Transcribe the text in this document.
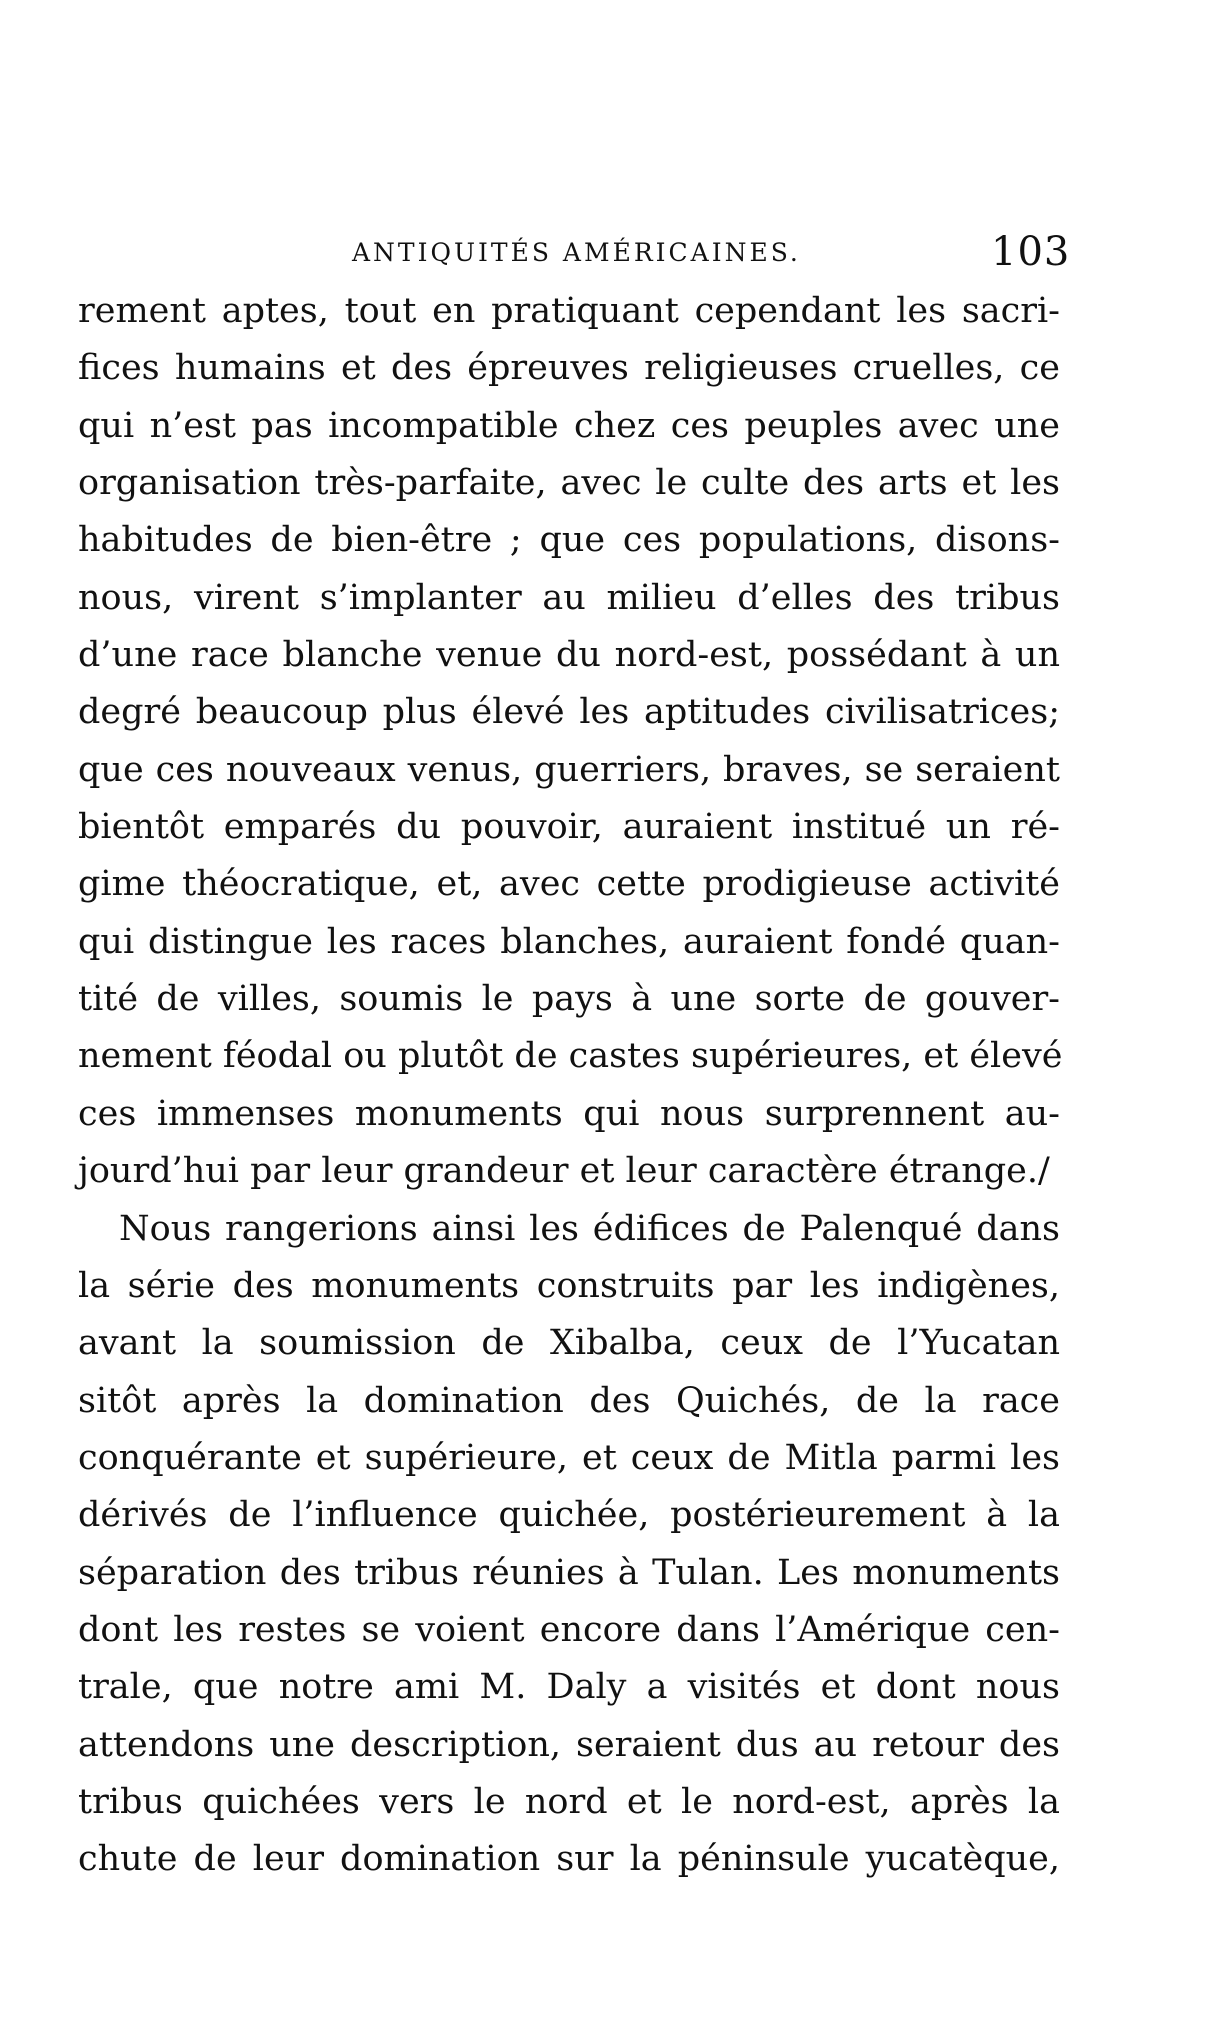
ANTIQUITÉS AMÉRICAINES.	103
rement aptes, tout en pratiquant cependant les sacri-
fices humains et des épreuves religieuses cruelles, ce
qui n’est pas incompatible chez ces peuples avec une
organisation très-parfaite, avec le culte des arts et les
habitudes de bien-être ; que ces populations, disons-
nous, virent s’implanter au milieu d’elles des tribus
d’une race blanche venue du nord-est, possédant à un
degré beaucoup plus élevé les aptitudes civilisatrices;
que ces nouveaux venus, guerriers, braves, se seraient
bientôt emparés du pouvoir, auraient institué un ré-
gime théocratique, et, avec cette prodigieuse activité
qui distingue les races blanches, auraient fondé quan-
tité de villes, soumis le pays à une sorte de gouver-
nement féodal ou plutôt de castes supérieures, et élevé
ces immenses monuments qui nous surprennent au-
jourd’hui par leur grandeur et leur caractère étrange./
Nous rangerions ainsi les édifices de Palenqué dans
la série des monuments construits par les indigènes,
avant la soumission de Xibalba, ceux de l’Yucatan
sitôt après la domination des Quichés, de la race
conquérante et supérieure, et ceux de Mitla parmi les
dérivés de l’influence quichée, postérieurement à la
séparation des tribus réunies à Tulan. Les monuments
dont les restes se voient encore dans l’Amérique cen-
trale, que notre ami M. Daly a visités et dont nous
attendons une description, seraient dus au retour des
tribus quichées vers le nord et le nord-est, après la
chute de leur domination sur la péninsule yucatèque,
